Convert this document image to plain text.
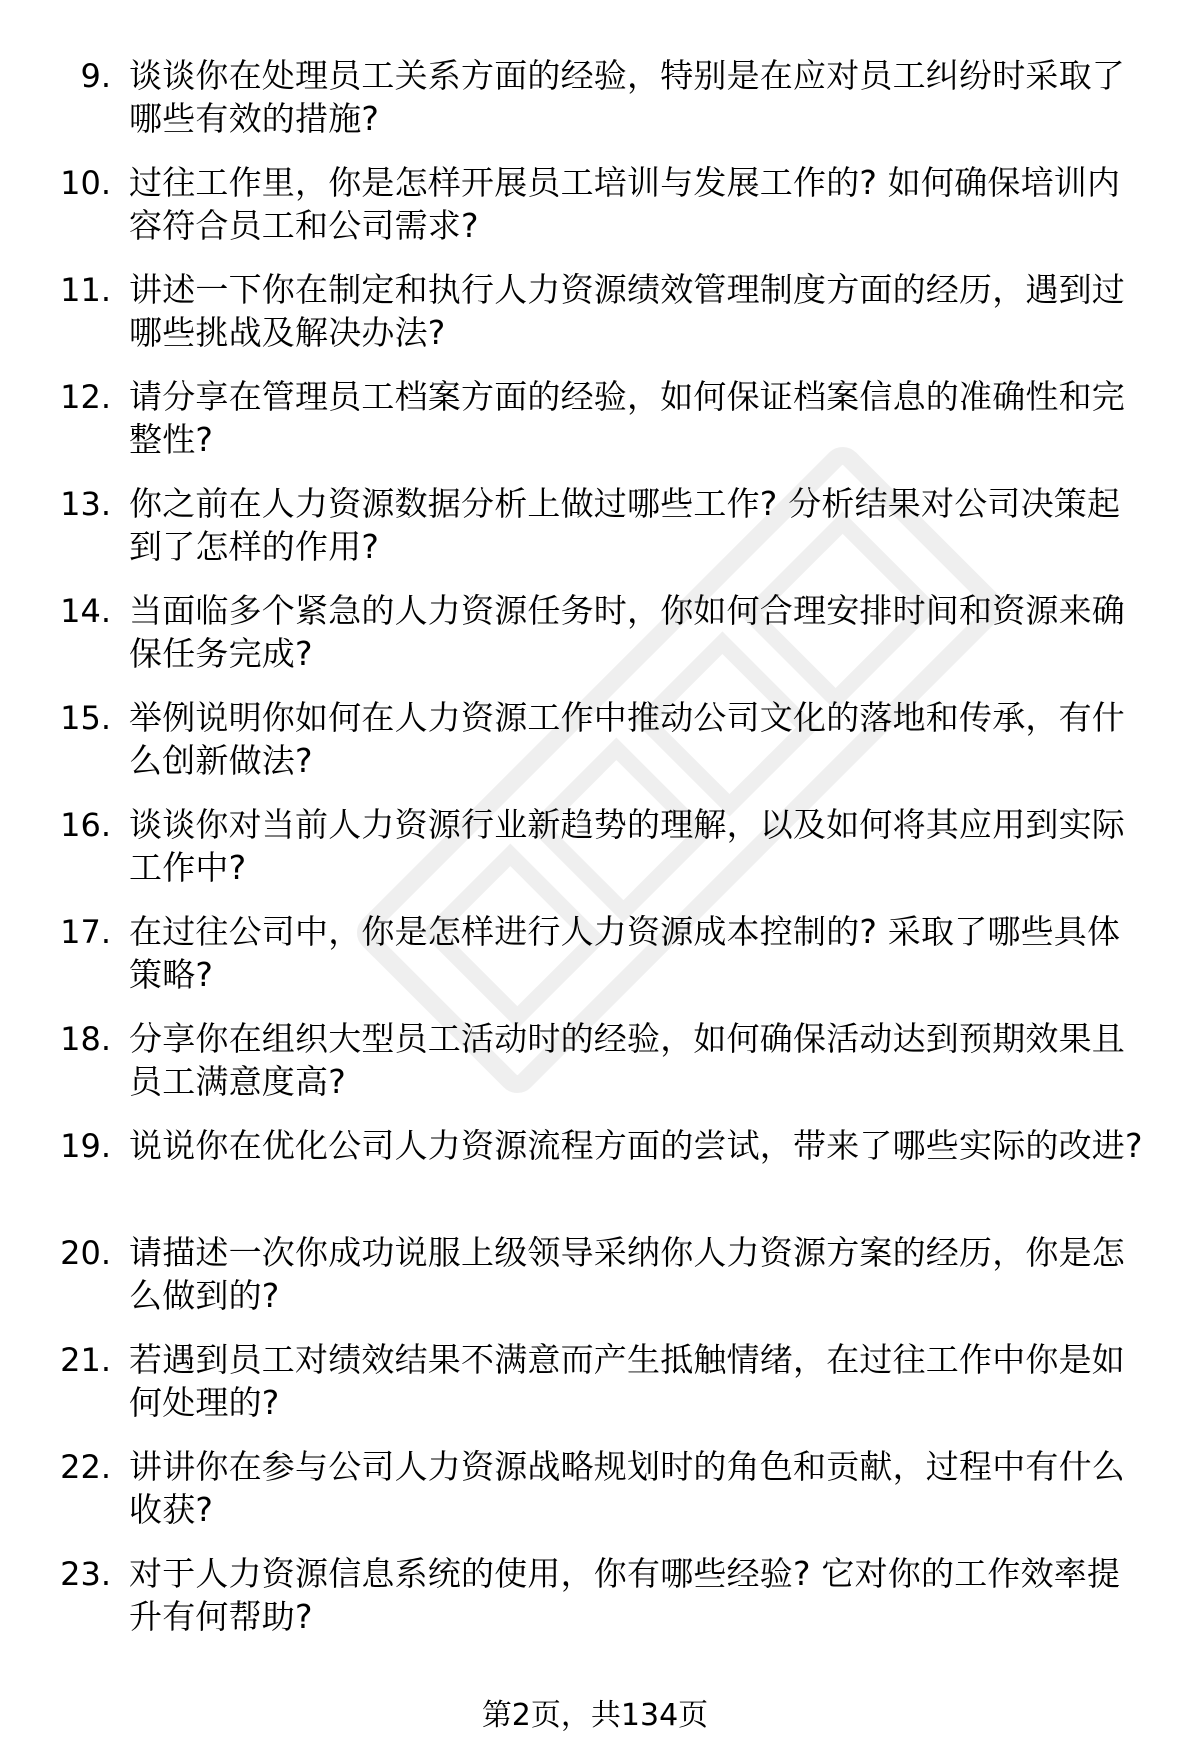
9. 谈谈你在处理员工关系方面的经验，特别是在应对员工纠纷时采取了哪些有效的措施?
10. 过往工作里，你是怎样开展员工培训与发展工作的? 如何确保培训内容符合员工和公司需求?
11. 讲述一下你在制定和执行人力资源绩效管理制度方面的经历，遇到过哪些挑战及解决办法?
12. 请分享在管理员工档案方面的经验，如何保证档案信息的准确性和完整性?
13. 你之前在人力资源数据分析上做过哪些工作? 分析结果对公司决策起到了怎样的作用?
14. 当面临多个紧急的人力资源任务时，你如何合理安排时间和资源来确保任务完成?
15. 举例说明你如何在人力资源工作中推动公司文化的落地和传承，有什么创新做法?
16. 谈谈你对当前人力资源行业新趋势的理解，以及如何将其应用到实际工作中?
17. 在过往公司中，你是怎样进行人力资源成本控制的? 采取了哪些具体策略?
18. 分享你在组织大型员工活动时的经验，如何确保活动达到预期效果且员工满意度高?
19. 说说你在优化公司人力资源流程方面的尝试，带来了哪些实际的改进?
20. 请描述一次你成功说服上级领导采纳你人力资源方案的经历，你是怎么做到的?
21. 若遇到员工对绩效结果不满意而产生抵触情绪，在过往工作中你是如何处理的?
22. 讲讲你在参与公司人力资源战略规划时的角色和贡献，过程中有什么收获?
23. 对于人力资源信息系统的使用，你有哪些经验? 它对你的工作效率提升有何帮助?
第2页，共134页
